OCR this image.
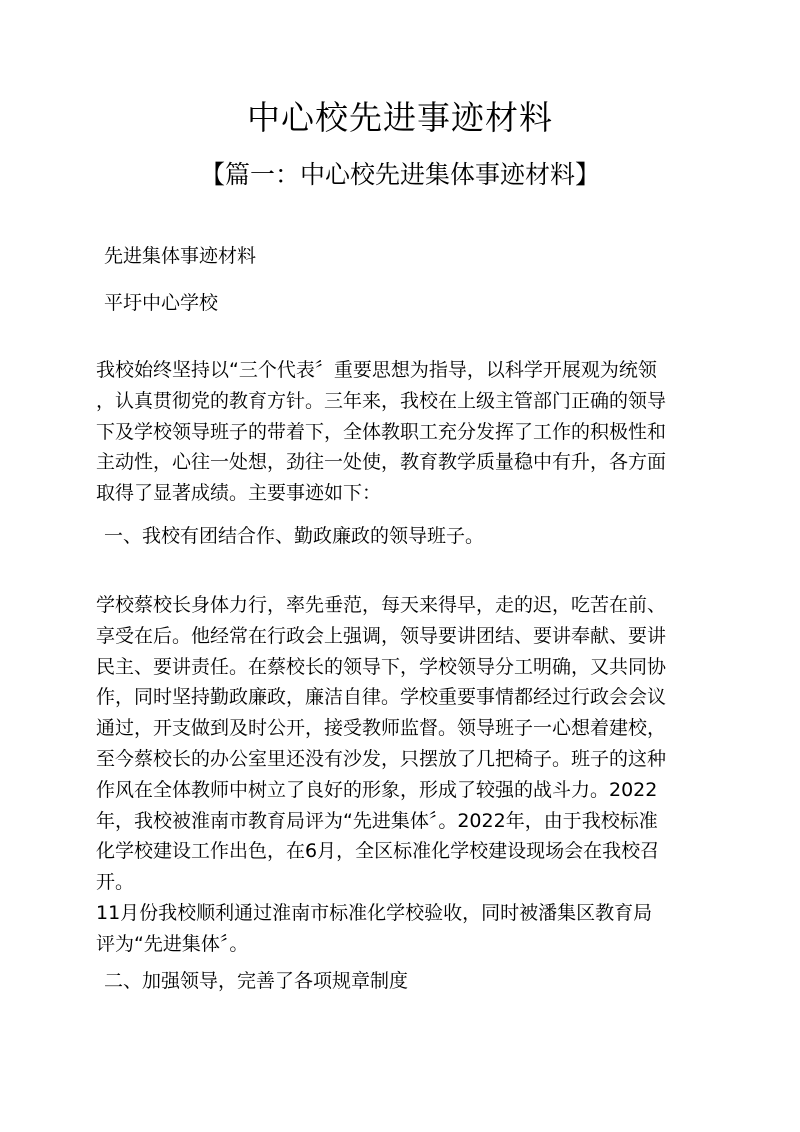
中心校先进事迹材料
【篇一：中心校先进集体事迹材料】

先进集体事迹材料

平圩中心学校

我校始终坚持以“三个代表〞重要思想为指导，以科学开展观为统领
，认真贯彻党的教育方针。三年来，我校在上级主管部门正确的领导
下及学校领导班子的带着下，全体教职工充分发挥了工作的积极性和
主动性，心往一处想，劲往一处使，教育教学质量稳中有升，各方面
取得了显著成绩。主要事迹如下：

一、我校有团结合作、勤政廉政的领导班子。

学校蔡校长身体力行，率先垂范，每天来得早，走的迟，吃苦在前、
享受在后。他经常在行政会上强调，领导要讲团结、要讲奉献、要讲
民主、要讲责任。在蔡校长的领导下，学校领导分工明确，又共同协
作，同时坚持勤政廉政，廉洁自律。学校重要事情都经过行政会会议
通过，开支做到及时公开，接受教师监督。领导班子一心想着建校，
至今蔡校长的办公室里还没有沙发，只摆放了几把椅子。班子的这种
作风在全体教师中树立了良好的形象，形成了较强的战斗力。2022
年，我校被淮南市教育局评为“先进集体〞。2022年，由于我校标准
化学校建设工作出色，在6月，全区标准化学校建设现场会在我校召
开。
11月份我校顺利通过淮南市标准化学校验收，同时被潘集区教育局
评为“先进集体〞。

二、加强领导，完善了各项规章制度
